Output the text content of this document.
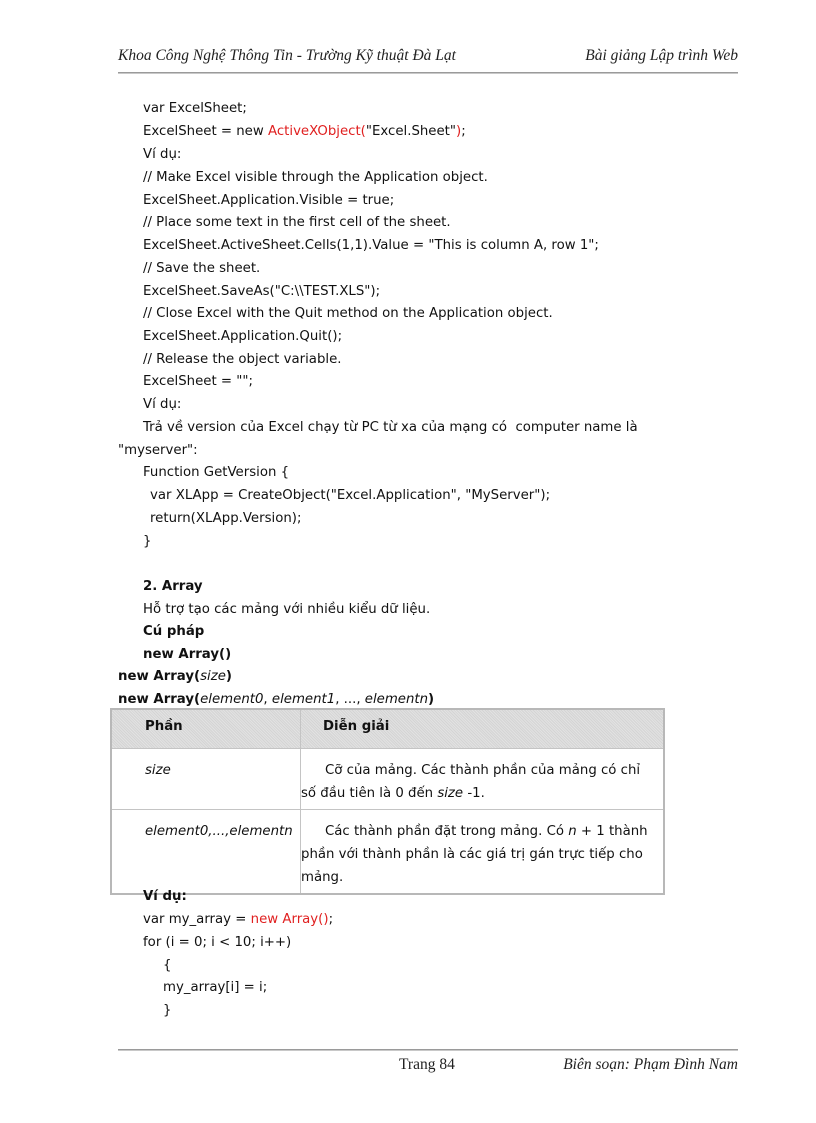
Khoa Công Nghệ Thông Tin - Trường Kỹ thuật Đà Lạt	Bài giảng Lập trình Web
var ExcelSheet;
ExcelSheet = new ActiveXObject("Excel.Sheet");
Ví dụ:
// Make Excel visible through the Application object.
ExcelSheet.Application.Visible = true;
// Place some text in the first cell of the sheet.
ExcelSheet.ActiveSheet.Cells(1,1).Value = "This is column A, row 1";
// Save the sheet.
ExcelSheet.SaveAs("C:\\TEST.XLS");
// Close Excel with the Quit method on the Application object.
ExcelSheet.Application.Quit();
// Release the object variable.
ExcelSheet = "";
Ví dụ:
Trả về version của Excel chạy từ PC từ xa của mạng có  computer name là
"myserver":
Function GetVersion {
var XLApp = CreateObject("Excel.Application", "MyServer");
return(XLApp.Version);
}
2. Array
Hỗ trợ tạo các mảng với nhiều kiểu dữ liệu.
Cú pháp
new Array()
new Array(size)
new Array(element0, element1, ..., elementn)
Phần	Diễn giải
size	Cỡ của mảng. Các thành phần của mảng có chỉ số đầu tiên là 0 đến size -1.

element0,...,elementn	Các thành phần đặt trong mảng. Có n + 1 thành phần với thành phần là các giá trị gán trực tiếp cho mảng.
Ví dụ:
var my_array = new Array();
for (i = 0; i < 10; i++)
{
my_array[i] = i;
}
Trang 84	Biên soạn: Phạm Đình Nam
